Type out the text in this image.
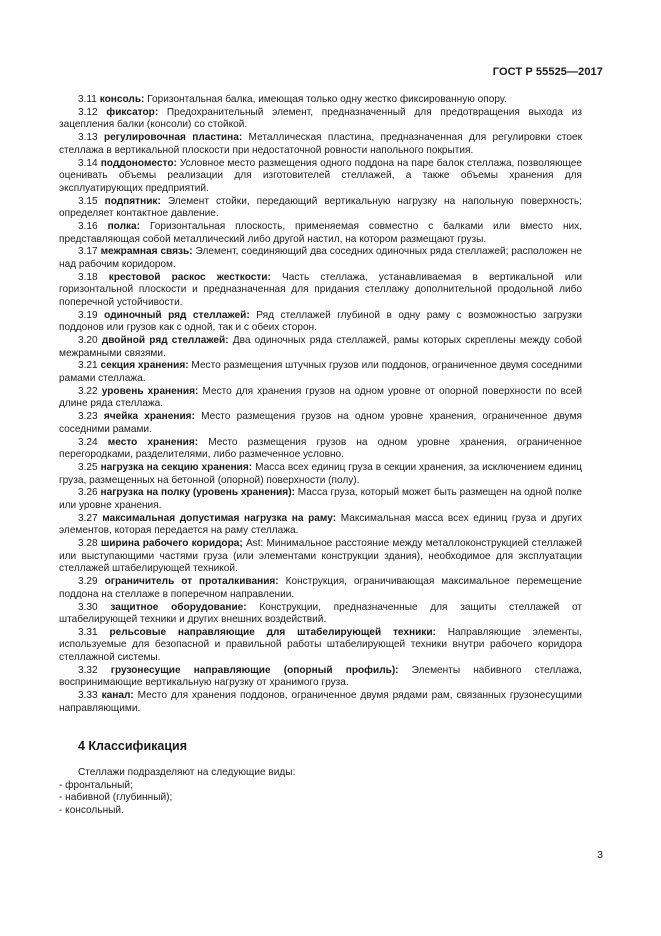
ГОСТ Р 55525—2017

3.11 консоль: Горизонтальная балка, имеющая только одну жестко фиксированную опору.

3.12 фиксатор: Предохранительный элемент, предназначенный для предотвращения выхода из зацепления балки (консоли) со стойкой.

3.13 регулировочная пластина: Металлическая пластина, предназначенная для регулировки стоек стеллажа в вертикальной плоскости при недостаточной ровности напольного покрытия.

3.14 поддономесто: Условное место размещения одного поддона на паре балок стеллажа, позволяющее оценивать объемы реализации для изготовителей стеллажей, а также объемы хранения для эксплуатирующих предприятий.

3.15 подпятник: Элемент стойки, передающий вертикальную нагрузку на напольную поверхность; определяет контактное давление.

3.16 полка: Горизонтальная плоскость, применяемая совместно с балками или вместо них, представляющая собой металлический либо другой настил, на котором размещают грузы.

3.17 межрамная связь: Элемент, соединяющий два соседних одиночных ряда стеллажей; расположен не над рабочим коридором.

3.18 крестовой раскос жесткости: Часть стеллажа, устанавливаемая в вертикальной или горизонтальной плоскости и предназначенная для придания стеллажу дополнительной продольной либо поперечной устойчивости.

3.19 одиночный ряд стеллажей: Ряд стеллажей глубиной в одну раму с возможностью загрузки поддонов или грузов как с одной, так и с обеих сторон.

3.20 двойной ряд стеллажей: Два одиночных ряда стеллажей, рамы которых скреплены между собой межрамными связями.

3.21 секция хранения: Место размещения штучных грузов или поддонов, ограниченное двумя соседними рамами стеллажа.

3.22 уровень хранения: Место для хранения грузов на одном уровне от опорной поверхности по всей длине ряда стеллажа.

3.23 ячейка хранения: Место размещения грузов на одном уровне хранения, ограниченное двумя соседними рамами.

3.24 место хранения: Место размещения грузов на одном уровне хранения, ограниченное перегородками, разделителями, либо размеченное условно.

3.25 нагрузка на секцию хранения: Масса всех единиц груза в секции хранения, за исключением единиц груза, размещенных на бетонной (опорной) поверхности (полу).

3.26 нагрузка на полку (уровень хранения): Масса груза, который может быть размещен на одной полке или уровне хранения.

3.27 максимальная допустимая нагрузка на раму: Максимальная масса всех единиц груза и других элементов, которая передается на раму стеллажа.

3.28 ширина рабочего коридора; Ast: Минимальное расстояние между металлоконструкцией стеллажей или выступающими частями груза (или элементами конструкции здания), необходимое для эксплуатации стеллажей штабелирующей техникой.

3.29 ограничитель от проталкивания: Конструкция, ограничивающая максимальное перемещение поддона на стеллаже в поперечном направлении.

3.30 защитное оборудование: Конструкции, предназначенные для защиты стеллажей от штабелирующей техники и других внешних воздействий.

3.31 рельсовые направляющие для штабелирующей техники: Направляющие элементы, используемые для безопасной и правильной работы штабелирующей техники внутри рабочего коридора стеллажной системы.

3.32 грузонесущие направляющие (опорный профиль): Элементы набивного стеллажа, воспринимающие вертикальную нагрузку от хранимого груза.

3.33 канал: Место для хранения поддонов, ограниченное двумя рядами рам, связанных грузонесущими направляющими.

4 Классификация

Стеллажи подразделяют на следующие виды:

- фронтальный;
- набивной (глубинный);
- консольный.
3
